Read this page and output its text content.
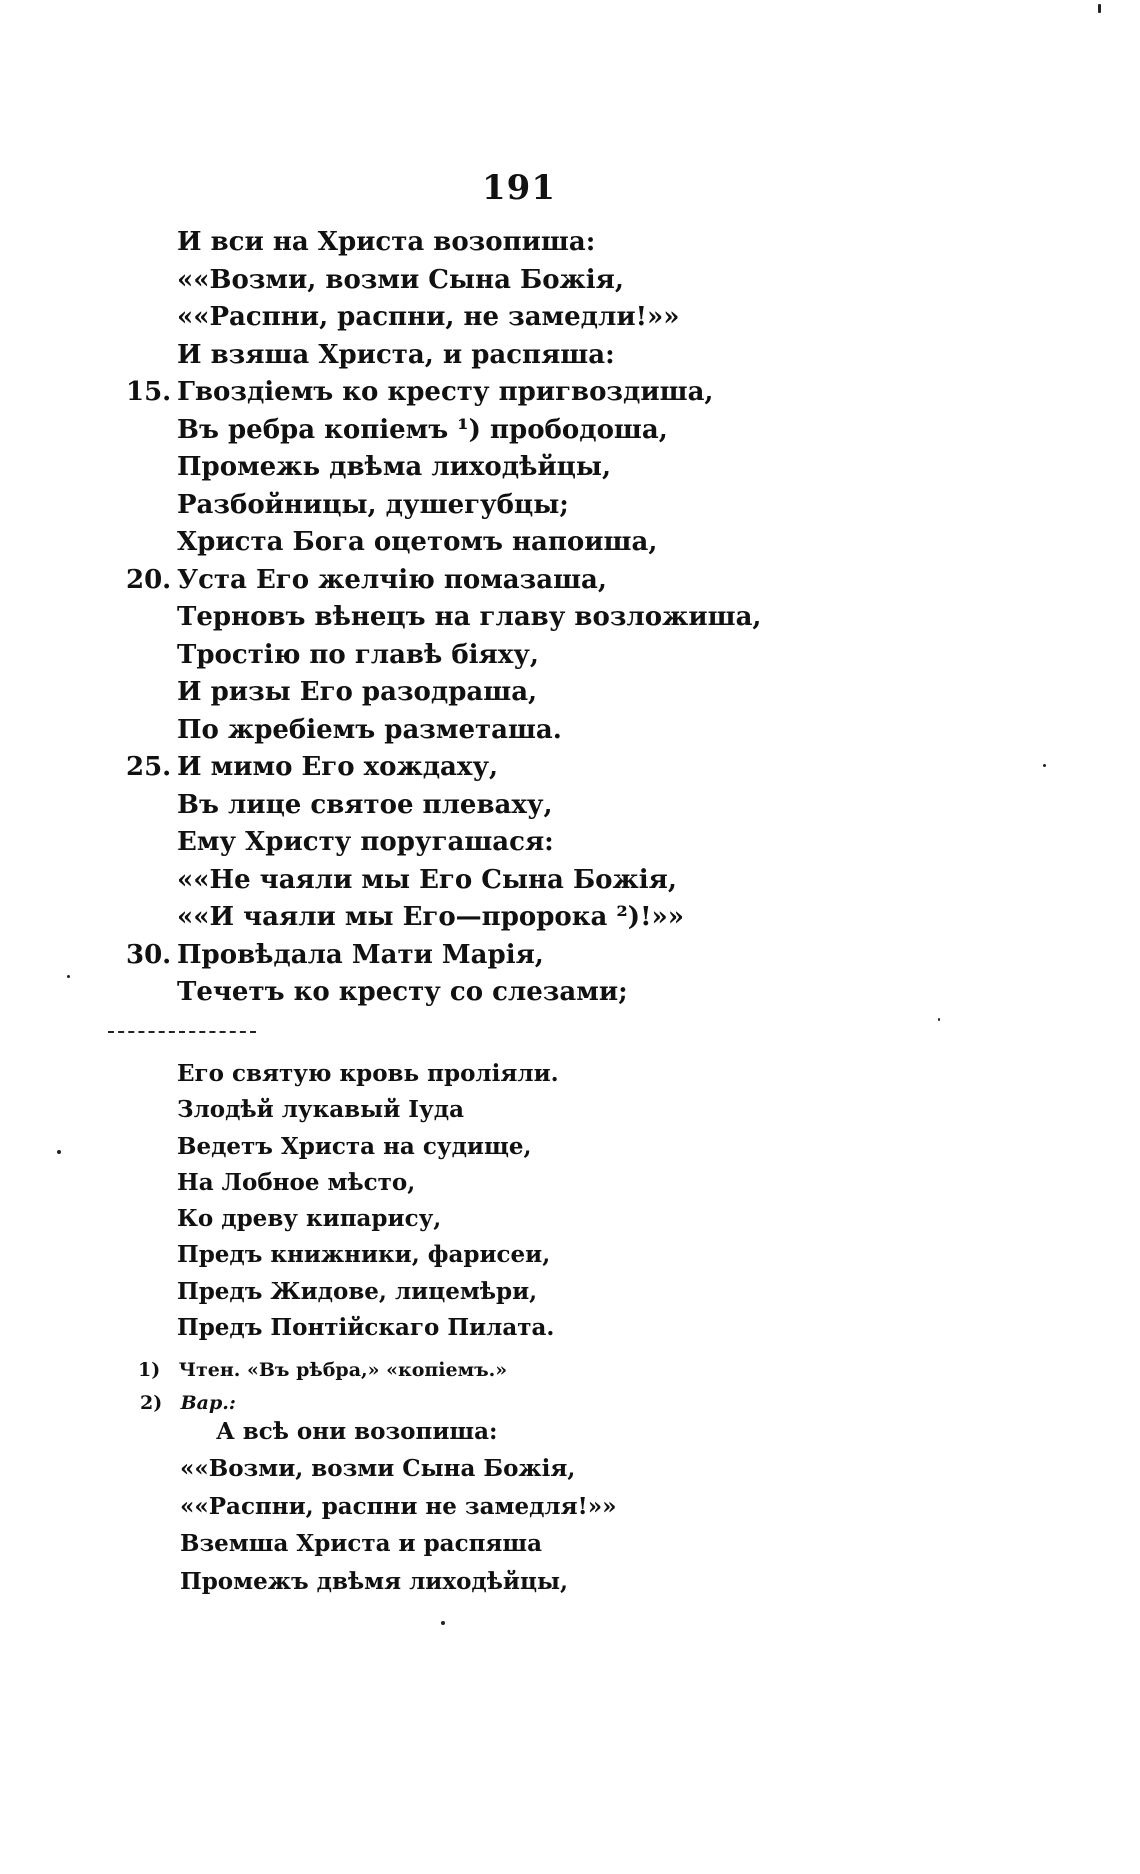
191
И вси на Христа возопиша:
««Возми, возми Сына Божія,
««Распни, распни, не замедли!»»
И взяша Христа, и распяша:
15. Гвоздіемъ ко кресту пригвоздиша,
Въ ребра копіемъ ¹) прободоша,
Промежь двѣма лиходѣйцы,
Разбойницы, душегубцы;
Христа Бога оцетомъ напоиша,
20. Уста Его желчію помазаша,
Терновъ вѣнецъ на главу возложиша,
Тростію по главѣ біяху,
И ризы Его разодраша,
По жребіемъ разметаша.
25. И мимо Его хождаху,
Въ лице святое плеваху,
Ему Христу поругашася:
««Не чаяли мы Его Сына Божія,
««И чаяли мы Его—пророка ²)!»»
30. Провѣдала Мати Марія,
Течетъ ко кресту со слезами;
Его святую кровь проліяли.
Злодѣй лукавый Іуда
Ведетъ Христа на судище,
На Лобное мѣсто,
Ко древу кипарису,
Предъ книжники, фарисеи,
Предъ Жидове, лицемѣри,
Предъ Понтійскаго Пилата.
1) Чтен. «Въ рѣбра,» «копіемъ.»
2) Вар.:
А всѣ они возопиша:
««Возми, возми Сына Божія,
««Распни, распни не замедля!»»
Вземша Христа и распяша
Промежъ двѣмя лиходѣйцы,
